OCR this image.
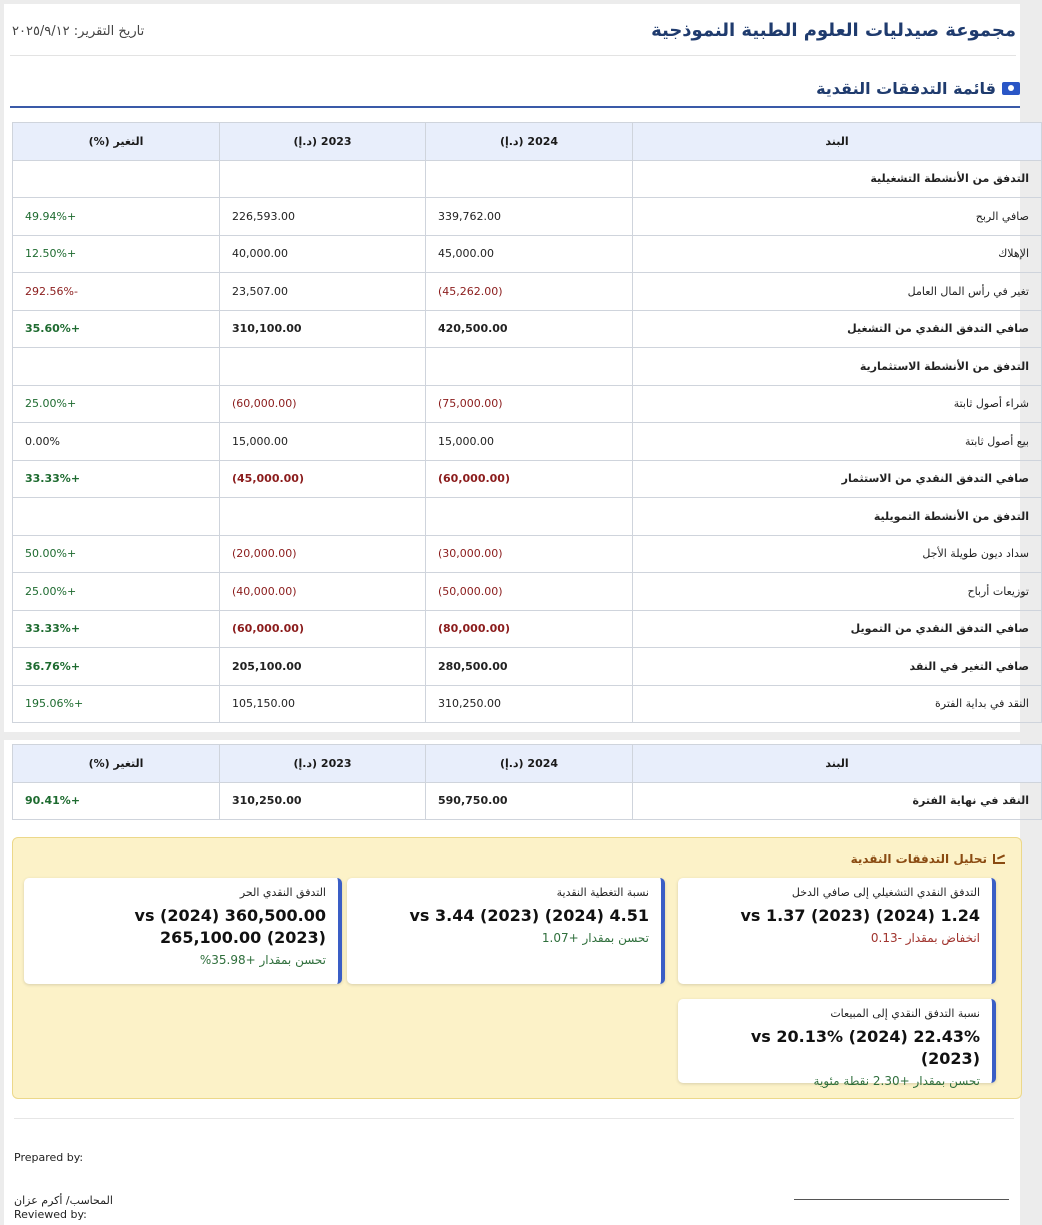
مجموعة صيدليات العلوم الطبية النموذجية
تاريخ التقرير: ٢٠٢٥/٩/١٢
قائمة التدفقات النقدية
البند	2024 (د.إ)	2023 (د.إ)	التغير (%)
التدفق من الأنشطة التشغيلية			
صافي الربح	339,762.00	226,593.00	+49.94%
الإهلاك	45,000.00	40,000.00	+12.50%
تغير في رأس المال العامل	(45,262.00)	23,507.00	-292.56%
صافي التدفق النقدي من التشغيل	420,500.00	310,100.00	+35.60%
التدفق من الأنشطة الاستثمارية			
شراء أصول ثابتة	(75,000.00)	(60,000.00)	+25.00%
بيع أصول ثابتة	15,000.00	15,000.00	0.00%
صافي التدفق النقدي من الاستثمار	(60,000.00)	(45,000.00)	+33.33%
التدفق من الأنشطة التمويلية			
سداد ديون طويلة الأجل	(30,000.00)	(20,000.00)	+50.00%
توزيعات أرباح	(50,000.00)	(40,000.00)	+25.00%
صافي التدفق النقدي من التمويل	(80,000.00)	(60,000.00)	+33.33%
صافي التغير في النقد	280,500.00	205,100.00	+36.76%
النقد في بداية الفترة	310,250.00	105,150.00	+195.06%
البند	2024 (د.إ)	2023 (د.إ)	التغير (%)
النقد في نهاية الفترة	590,750.00	310,250.00	+90.41%
تحليل التدفقات النقدية
التدفق النقدي التشغيلي إلى صافي الدخل
1.24 (2024) vs 1.37 (2023)
انخفاض بمقدار -0.13
نسبة التغطية النقدية
4.51 (2024) vs 3.44 (2023)
تحسن بمقدار +1.07
التدفق النقدي الحر
360,500.00 (2024) vs 265,100.00 (2023)
تحسن بمقدار +35.98%
نسبة التدفق النقدي إلى المبيعات
22.43% (2024) vs 20.13% (2023)
تحسن بمقدار +2.30 نقطة مئوية
Prepared by:
المحاسب/ أكرم عزان
Reviewed by:
